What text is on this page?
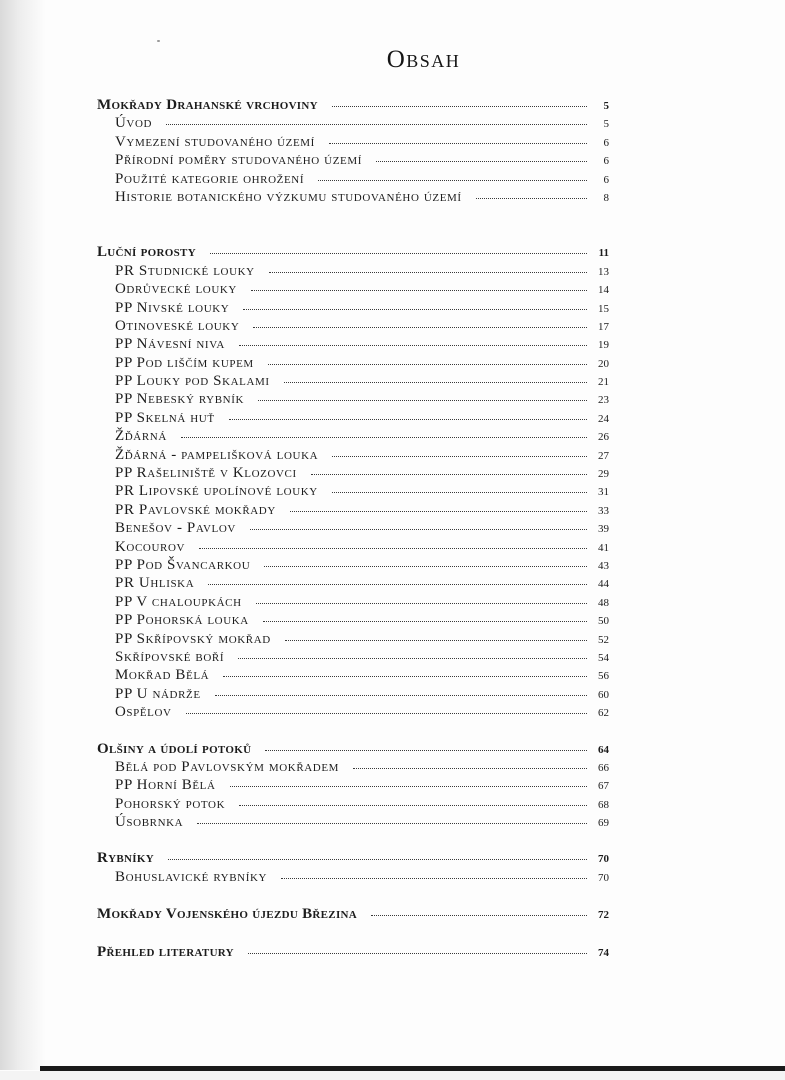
Obsah
Mokřady Drahanské vrchoviny	5
Úvod	5
Vymezení studovaného území	6
Přírodní poměry studovaného území	6
Použité kategorie ohrožení	6
Historie botanického výzkumu studovaného území	8
Luční porosty	11
PR Studnické louky	13
Odrůvecké louky	14
PP Nivské louky	15
Otinoveské louky	17
PP Návesní niva	19
PP Pod liščím kupem	20
PP Louky pod Skalami	21
PP Nebeský rybník	23
PP Skelná huť	24
Žďárná	26
Žďárná - pampelišková louka	27
PP Rašeliniště v Klozovci	29
PR Lipovské upolínové louky	31
PR Pavlovské mokřady	33
Benešov - Pavlov	39
Kocourov	41
PP Pod Švancarkou	43
PR Uhliska	44
PP V chaloupkách	48
PP Pohorská louka	50
PP Skřípovský mokřad	52
Skřípovské boří	54
Mokřad Bělá	56
PP U nádrže	60
Ospělov	62
Olšiny a údolí potoků	64
Bělá pod Pavlovským mokřadem	66
PP Horní Bělá	67
Pohorský potok	68
Úsobrnka	69
Rybníky	70
Bohuslavické rybníky	70
Mokřady Vojenského újezdu Březina	72
Přehled literatury	74
